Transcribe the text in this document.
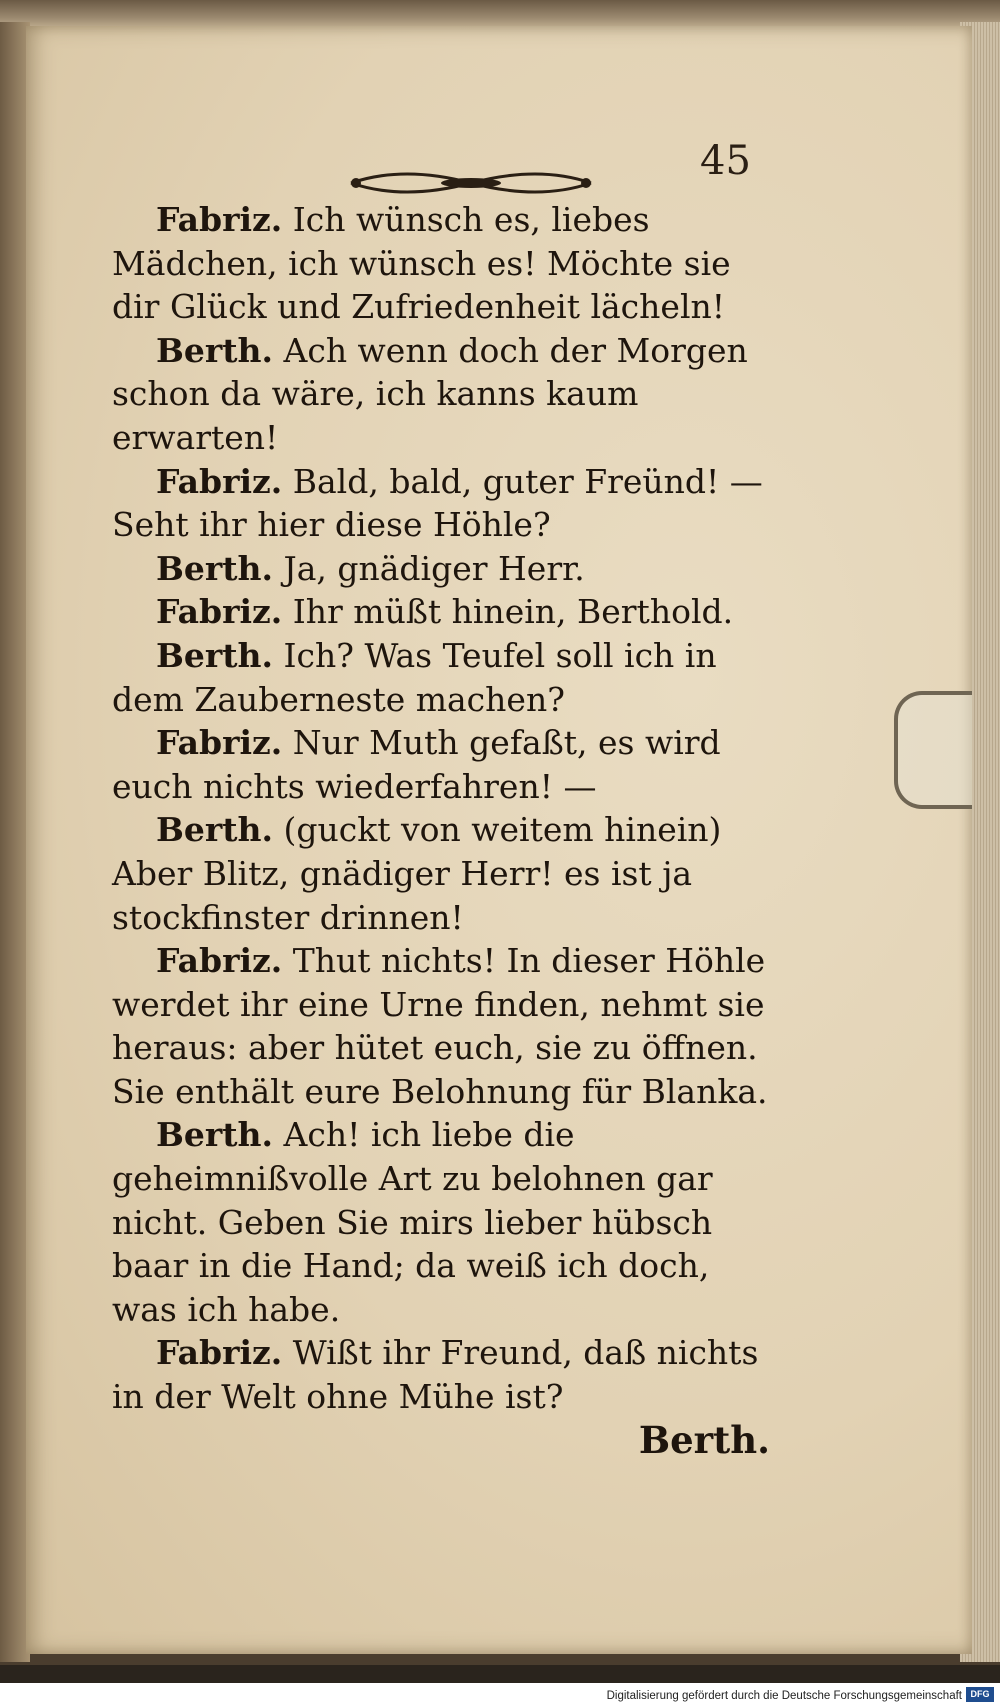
45

Fabriz. Ich wünsch es, liebes Mädchen, ich wünsch es! Möchte sie dir Glück und Zufriedenheit lächeln!

Berth. Ach wenn doch der Morgen schon da wäre, ich kanns kaum erwarten!

Fabriz. Bald, bald, guter Freünd! — Seht ihr hier diese Höhle?

Berth. Ja, gnädiger Herr.

Fabriz. Ihr müßt hinein, Berthold.

Berth. Ich? Was Teufel soll ich in dem Zauberneste machen?

Fabriz. Nur Muth gefaßt, es wird euch nichts wiederfahren! —

Berth. (guckt von weitem hinein) Aber Blitz, gnädiger Herr! es ist ja stockfinster drinnen!

Fabriz. Thut nichts! In dieser Höhle werdet ihr eine Urne finden, nehmt sie heraus: aber hütet euch, sie zu öffnen. Sie enthält eure Belohnung für Blanka.

Berth. Ach! ich liebe die geheimnißvolle Art zu belohnen gar nicht. Geben Sie mirs lieber hübsch baar in die Hand; da weiß ich doch, was ich habe.

Fabriz. Wißt ihr Freund, daß nichts in der Welt ohne Mühe ist?

Berth.
Digitalisierung gefördert durch die Deutsche Forschungsgemeinschaft DFG
